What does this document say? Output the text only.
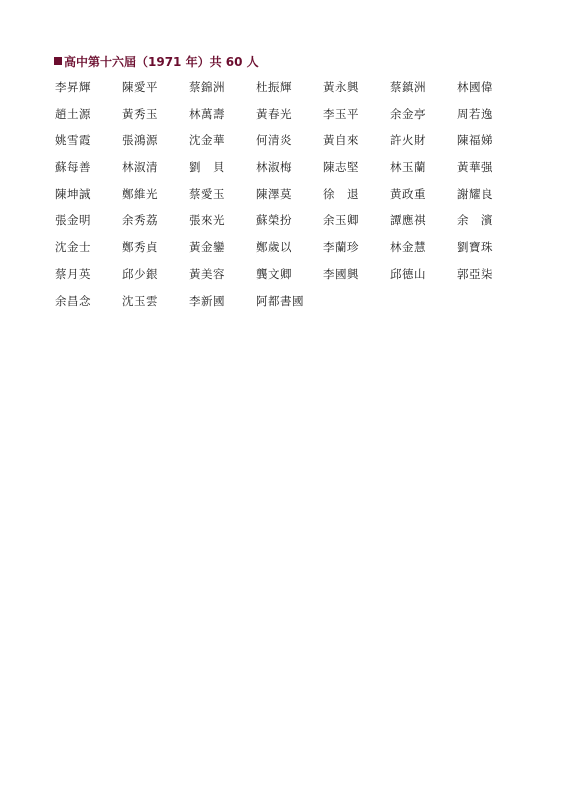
高中第十六屆（1971 年）共 60 人
李昇輝	陳愛平	蔡錦洲	杜振輝	黃永興	蔡鎮洲	林國偉
趙土源	黃秀玉	林萬壽	黃春光	李玉平	余金亭	周若逸
姚雪霞	張鴻源	沈金華	何清炎	黃自來	許火財	陳福娣
蘇每善	林淑清	劉　貝	林淑梅	陳志堅	林玉蘭	黃華强
陳坤誠	鄭維光	蔡愛玉	陳澤莫	徐　退	黄政重	謝耀良
張金明	余秀荔	張來光	蘇榮扮	余玉卿	譚應祺	余　濱
沈金士	鄭秀貞	黃金鑾	鄭歲以	李蘭珍	林金慧	劉寶珠
蔡月英	邱少銀	黃美容	龔文卿	李國興	邱德山	郭亞柒
余昌念	沈玉雲	李新國	阿都書國
